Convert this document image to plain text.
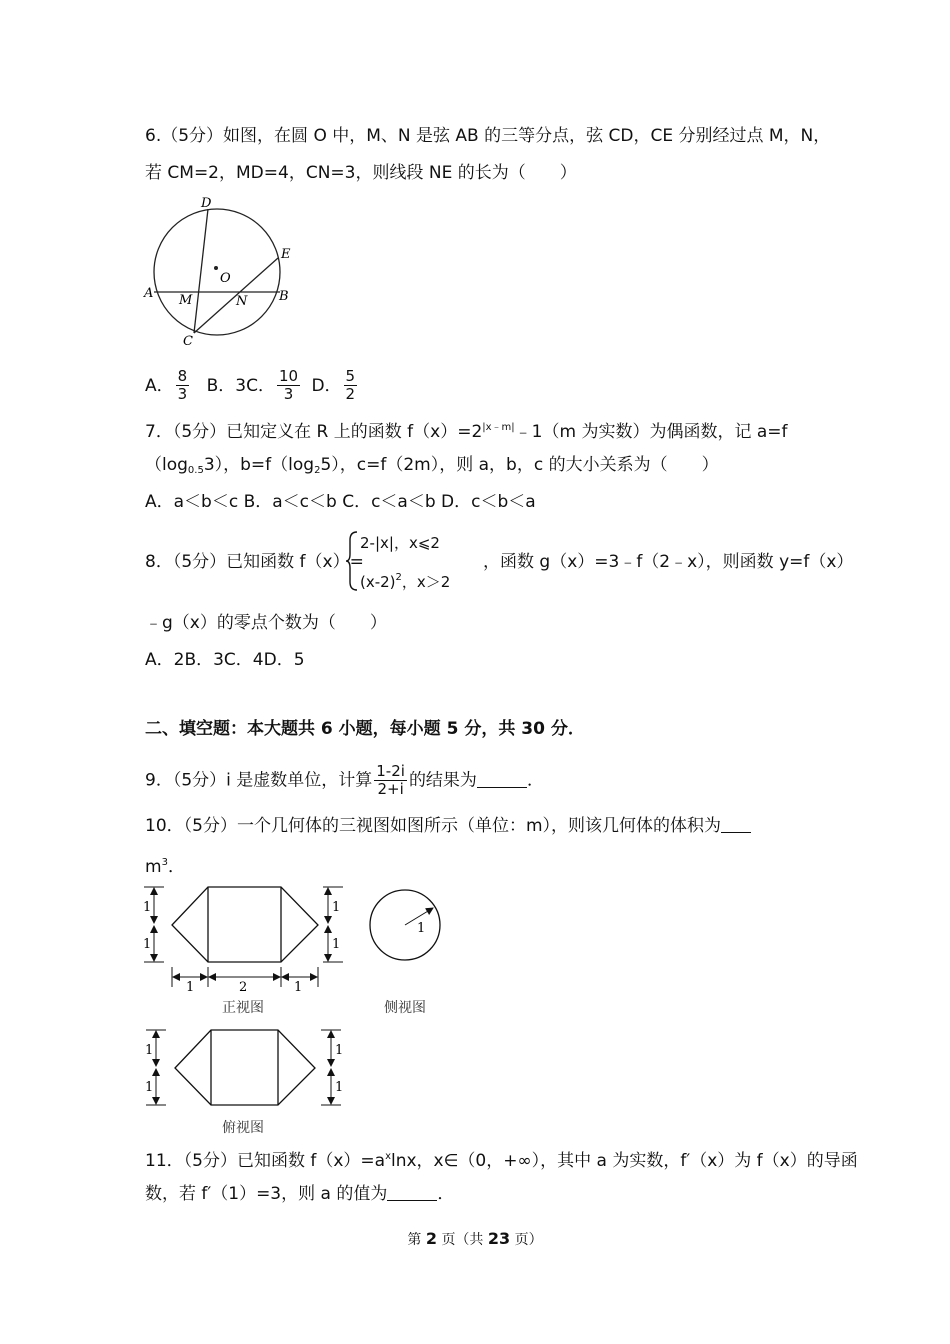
6.（5分）如图，在圆 O 中，M、N 是弦 AB 的三等分点，弦 CD，CE 分别经过点 M，N，
若 CM=2，MD=4，CN=3，则线段 NE 的长为（　　）
D
E
O
A M	N B
C
A． $\frac{8}{3}$ B．3C． $\frac{10}{3}$ D． $\frac{5}{2}$
7．（5分）已知定义在 R 上的函数 $f(x)=2^{|x﹣m|}﹣1(m$ 为实数）为偶函数，记 a=f
$(\log_{0.5}3)$，$b=f(\log_25)$，c=f（2m），则 a，b，c 的大小关系为（　　）
A．a＜b＜c B．a＜c＜b C．c＜a＜b D．c＜b＜a
8．（5分）已知函数 f（x）=
2-|x|，x⩽2
$(x-2)^2$，x＞2
，函数 g（x）=3﹣f（2﹣x），则函数 y=f（x）
﹣g（x）的零点个数为（　　）
A．2B．3C．4D．5
二、填空题：本大题共 6 小题，每小题 5 分，共 30 分．
9．（5分）i 是虚数单位，计算 $\frac{1-2i}{2+i}$ 的结果为	．
10．（5分）一个几何体的三视图如图所示（单位：m），则该几何体的体积为
$m^3$．
1
1
1
1
1	2	1
正视图
1
侧视图
1
1
1
1
俯视图
11．（5分）已知函数 $f(x)=a^x\ln x$，x∈（0，+∞），其中 a 为实数，f′（x）为 f（x）的导函
数，若 f′（1）=3，则 a 的值为	．
第 2 页（共 23 页）
